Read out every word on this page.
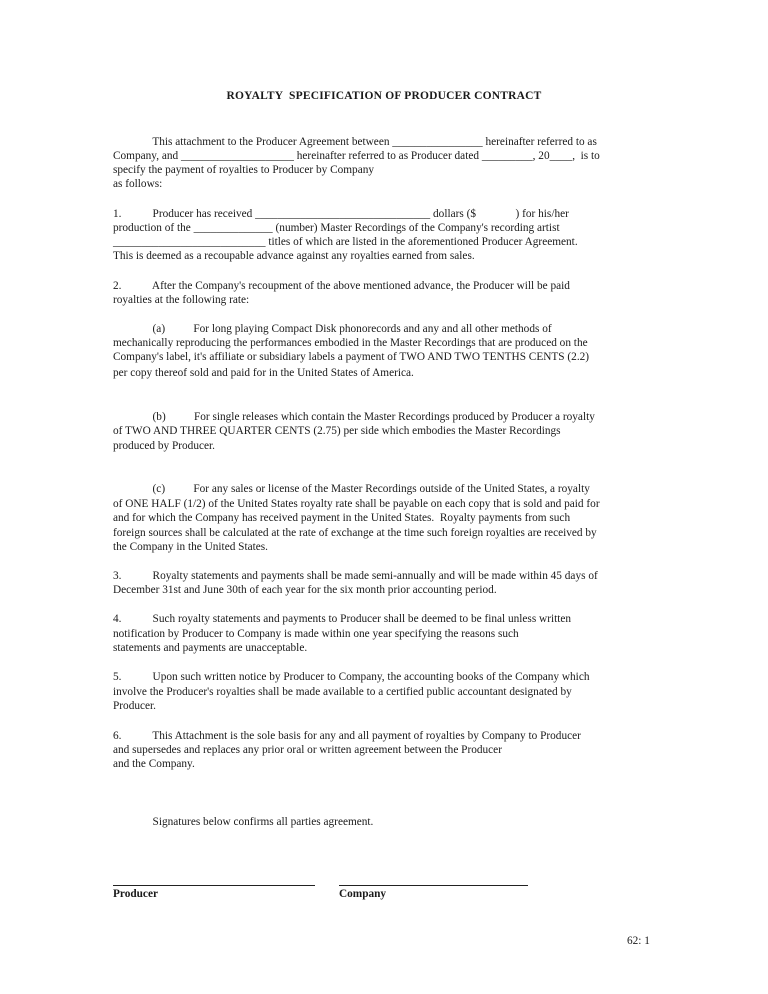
ROYALTY  SPECIFICATION OF PRODUCER CONTRACT
This attachment to the Producer Agreement between ________________ hereinafter referred to as
Company, and ____________________ hereinafter referred to as Producer dated _________, 20____,  is to
specify the payment of royalties to Producer by Company
as follows:
1.           Producer has received _______________________________ dollars ($              ) for his/her
production of the ______________ (number) Master Recordings of the Company's recording artist
___________________________ titles of which are listed in the aforementioned Producer Agreement.
This is deemed as a recoupable advance against any royalties earned from sales.
2.           After the Company's recoupment of the above mentioned advance, the Producer will be paid
royalties at the following rate:
(a)          For long playing Compact Disk phonorecords and any and all other methods of
mechanically reproducing the performances embodied in the Master Recordings that are produced on the
Company's label, it's affiliate or subsidiary labels a payment of TWO AND TWO TENTHS CENTS (2.2)
per copy thereof sold and paid for in the United States of America.
(b)          For single releases which contain the Master Recordings produced by Producer a royalty
of TWO AND THREE QUARTER CENTS (2.75) per side which embodies the Master Recordings
produced by Producer.
(c)          For any sales or license of the Master Recordings outside of the United States, a royalty
of ONE HALF (1/2) of the United States royalty rate shall be payable on each copy that is sold and paid for
and for which the Company has received payment in the United States.  Royalty payments from such
foreign sources shall be calculated at the rate of exchange at the time such foreign royalties are received by
the Company in the United States.
3.           Royalty statements and payments shall be made semi-annually and will be made within 45 days of
December 31st and June 30th of each year for the six month prior accounting period.
4.           Such royalty statements and payments to Producer shall be deemed to be final unless written
notification by Producer to Company is made within one year specifying the reasons such
statements and payments are unacceptable.
5.           Upon such written notice by Producer to Company, the accounting books of the Company which
involve the Producer's royalties shall be made available to a certified public accountant designated by
Producer.
6.           This Attachment is the sole basis for any and all payment of royalties by Company to Producer
and supersedes and replaces any prior oral or written agreement between the Producer
and the Company.
Signatures below confirms all parties agreement.
Producer	Company
62: 1
